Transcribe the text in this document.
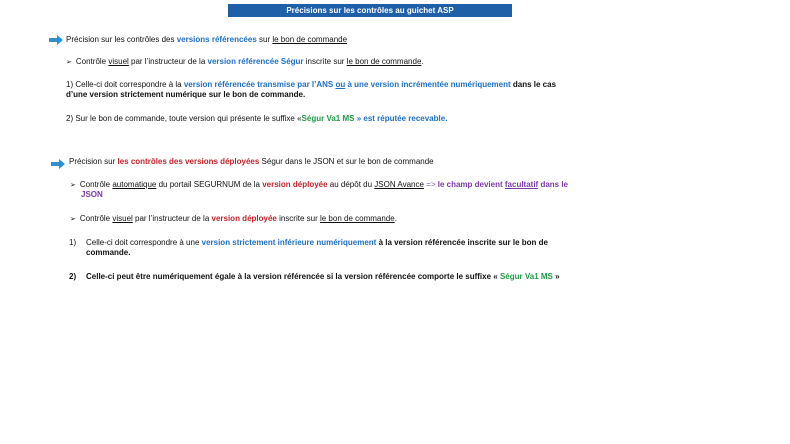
Précisions sur les contrôles au guichet ASP
Précision sur les contrôles des versions référencées sur le bon de commande
➢ Contrôle visuel par l’instructeur de la version référencée Ségur inscrite sur le bon de commande.
1) Celle-ci doit correspondre à la version référencée transmise par l’ANS ou à une version incrémentée numériquement dans le cas
d’une version strictement numérique sur le bon de commande.
2) Sur le bon de commande, toute version qui présente le suffixe «Ségur Va1 MS » est réputée recevable.
Précision sur les contrôles des versions déployées Ségur dans le JSON et sur le bon de commande
➢ Contrôle automatique du portail SEGURNUM de la version déployée au dépôt du JSON Avance => le champ devient facultatif dans le
JSON
➢ Contrôle visuel par l’instructeur de la version déployée inscrite sur le bon de commande.
1) Celle-ci doit correspondre à une version strictement inférieure numériquement à la version référencée inscrite sur le bon de
commande.
2) Celle-ci peut être numériquement égale à la version référencée si la version référencée comporte le suffixe « Ségur Va1 MS »
